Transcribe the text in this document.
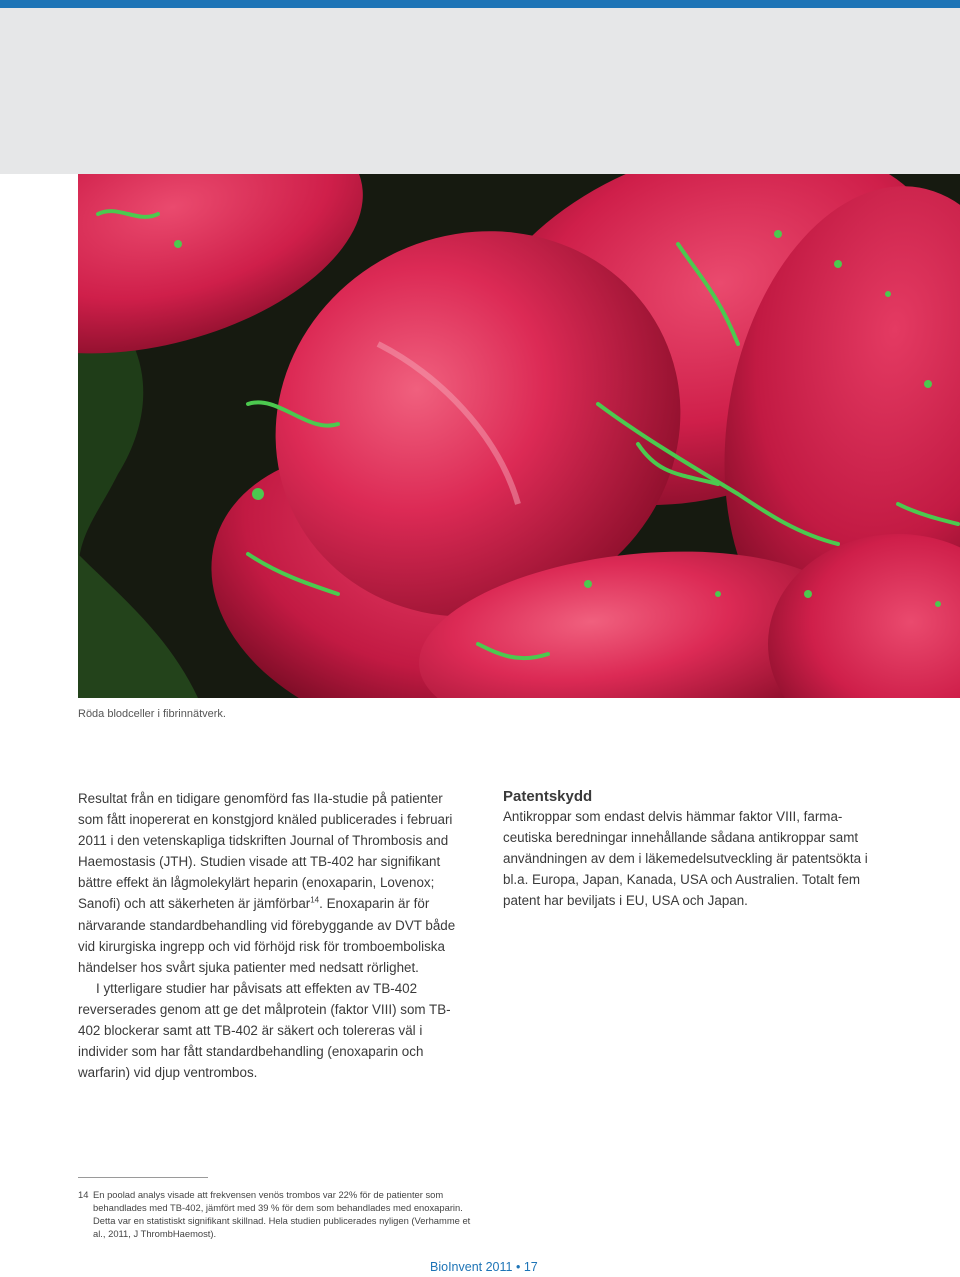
Röda blodceller i fibrinnätverk.

Resultat från en tidigare genomförd fas IIa-studie på patienter som fått inopererat en konstgjord knäled publicerades i februari 2011 i den vetenskapliga tidskriften Journal of Thrombosis and Haemostasis (JTH). Studien visade att TB-402 har signifikant bättre effekt än lågmolekylärt heparin (enoxaparin, Lovenox; Sanofi) och att säkerheten är jämförbar$^{14}$. Enoxaparin är för närvarande standardbehandling vid förebyggande av DVT både vid kirurgiska ingrepp och vid förhöjd risk för tromboemboliska händelser hos svårt sjuka patienter med nedsatt rörlighet.

I ytterligare studier har påvisats att effekten av TB-402 reverserades genom att ge det målprotein (faktor VIII) som TB-402 blockerar samt att TB-402 är säkert och tolereras väl i individer som har fått standardbehandling (enoxaparin och warfarin) vid djup ventrombos.

Patentskydd

Antikroppar som endast delvis hämmar faktor VIII, farma-ceutiska beredningar innehållande sådana antikroppar samt användningen av dem i läkemedelsutveckling är patentsökta i bl.a. Europa, Japan, Kanada, USA och Australien. Totalt fem patent har beviljats i EU, USA och Japan.

14 En poolad analys visade att frekvensen venös trombos var 22% för de patienter som behandlades med TB-402, jämfört med 39 % för dem som behandlades med enoxaparin. Detta var en statistiskt signifikant skillnad. Hela studien publicerades nyligen (Verhamme et al., 2011, J ThrombHaemost).
BioInvent 2011 • 17
